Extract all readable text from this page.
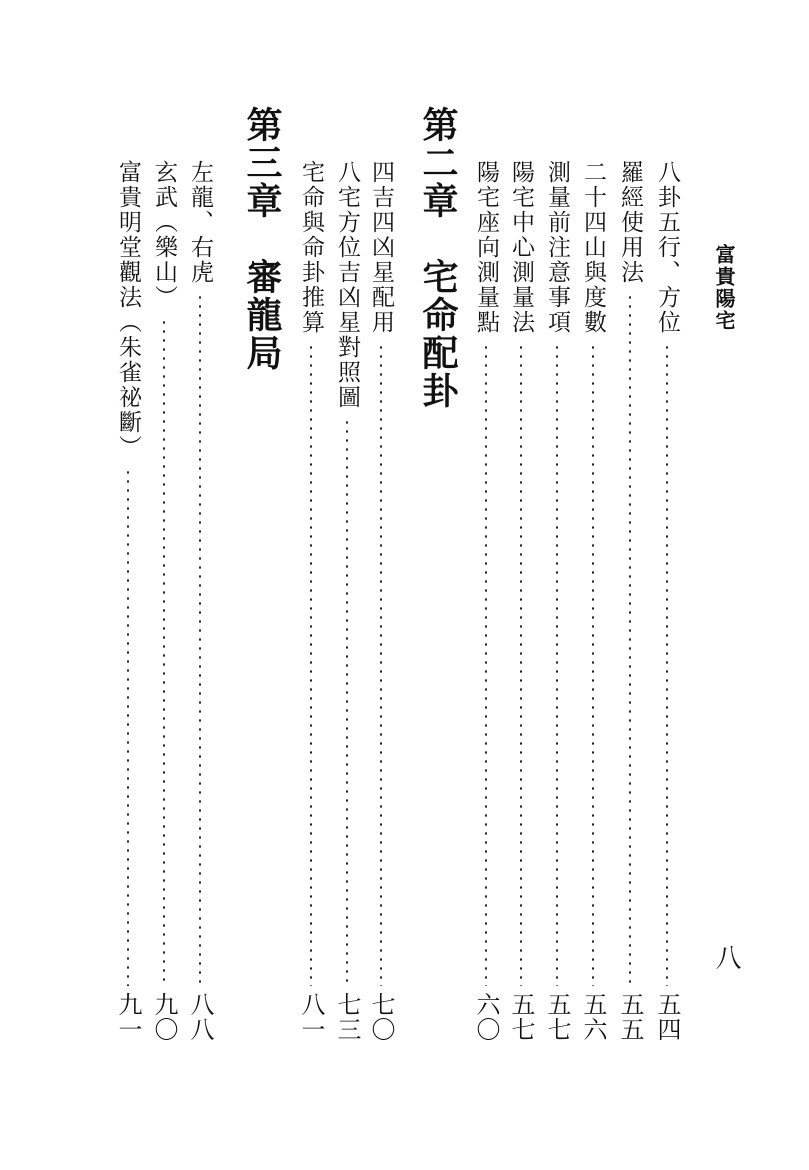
富貴陽宅
八
八卦五行、方位
五四
羅經使用法
五五
二十四山與度數
五六
測量前注意事項
五七
陽宅中心測量法
五七
陽宅座向測量點
六〇
第二章　宅命配卦
四吉四凶星配用
七〇
八宅方位吉凶星對照圖
七三
宅命與命卦推算
八一
第三章　審龍局
左龍、右虎
八八
玄武（樂山）
九〇
富貴明堂觀法（朱雀祕斷）
九一
